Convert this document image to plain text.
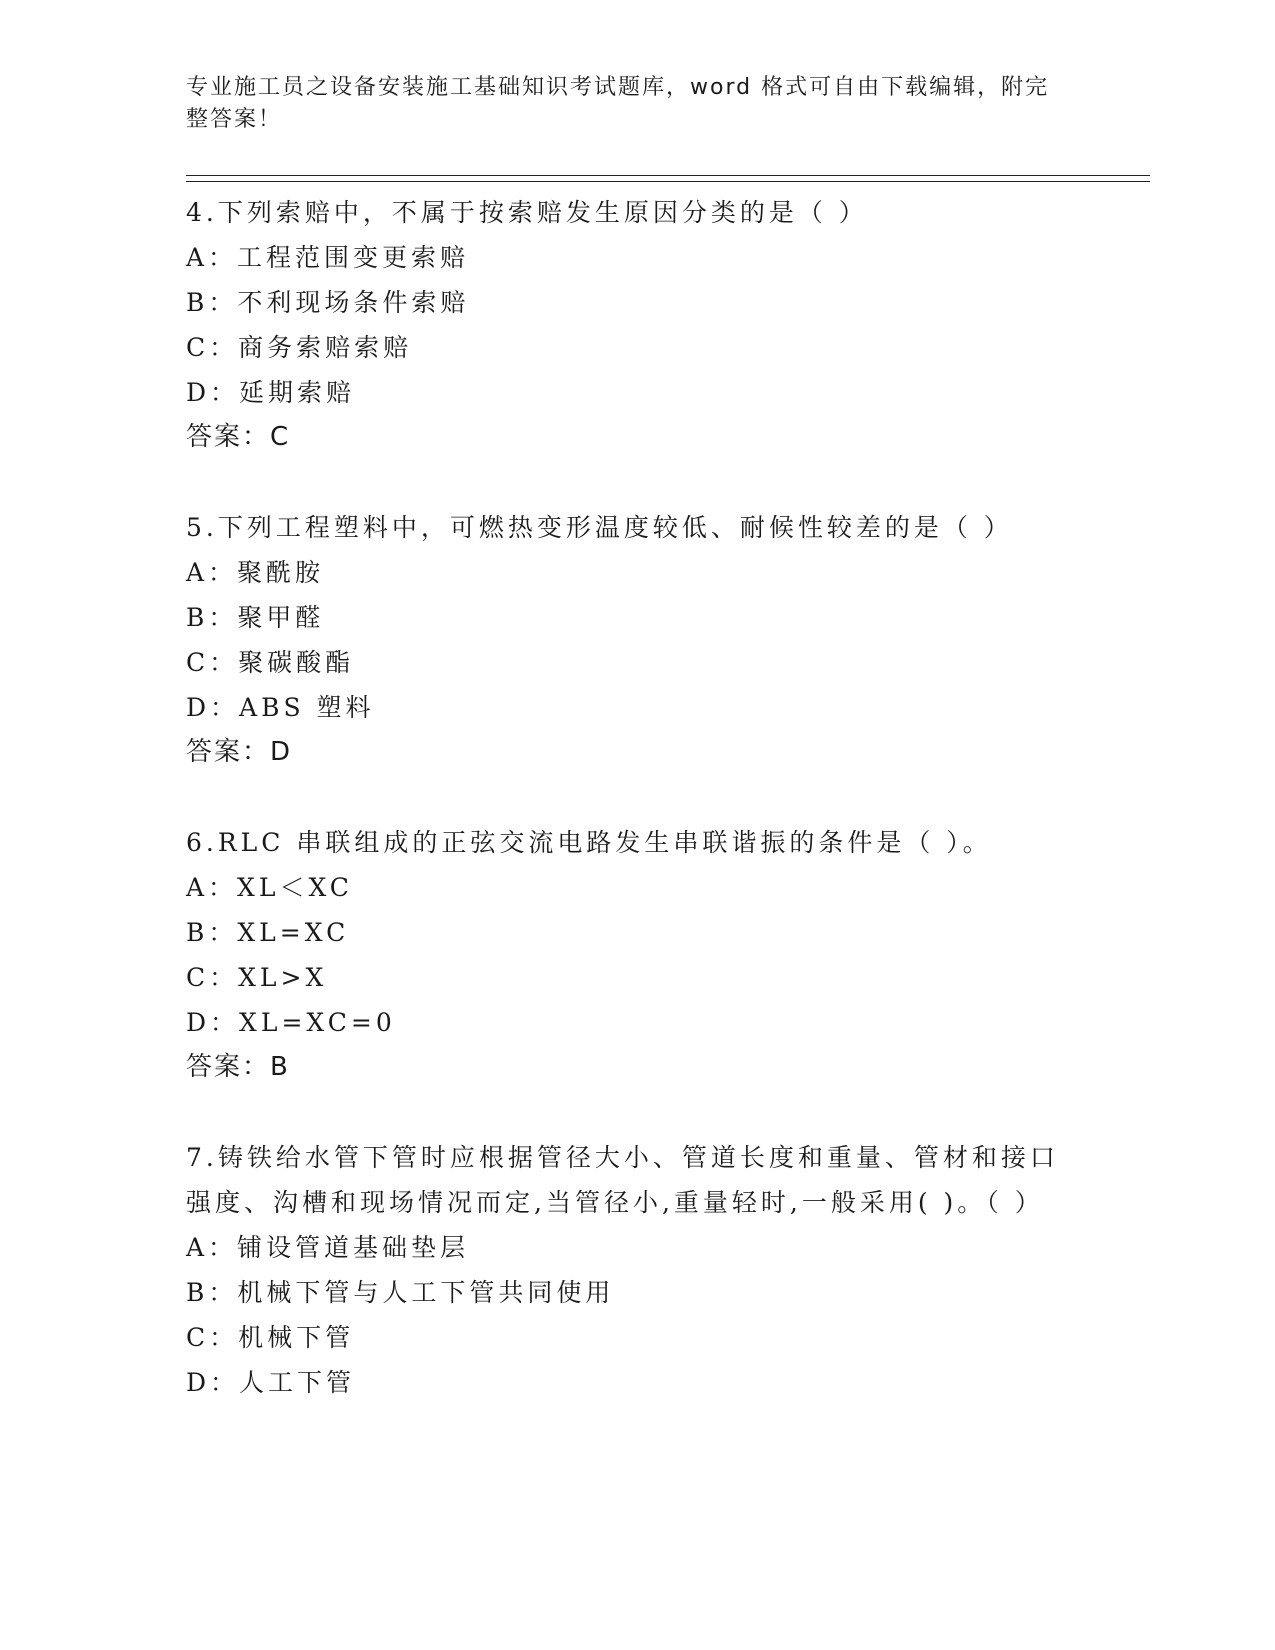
专业施工员之设备安装施工基础知识考试题库，word 格式可自由下载编辑，附完整答案！
4.下列索赔中，不属于按索赔发生原因分类的是（ ）
A：工程范围变更索赔
B：不利现场条件索赔
C：商务索赔索赔
D：延期索赔
答案：C
5.下列工程塑料中，可燃热变形温度较低、耐候性较差的是（ ）
A：聚酰胺
B：聚甲醛
C：聚碳酸酯
D：ABS 塑料
答案：D
6.RLC 串联组成的正弦交流电路发生串联谐振的条件是（ ）。
A：XL＜XC
B：XL=XC
C：XL>X
D：XL=XC=0
答案：B
7.铸铁给水管下管时应根据管径大小、管道长度和重量、管材和接口强度、沟槽和现场情况而定,当管径小,重量轻时,一般采用( )。（ ）
A：铺设管道基础垫层
B：机械下管与人工下管共同使用
C：机械下管
D：人工下管
